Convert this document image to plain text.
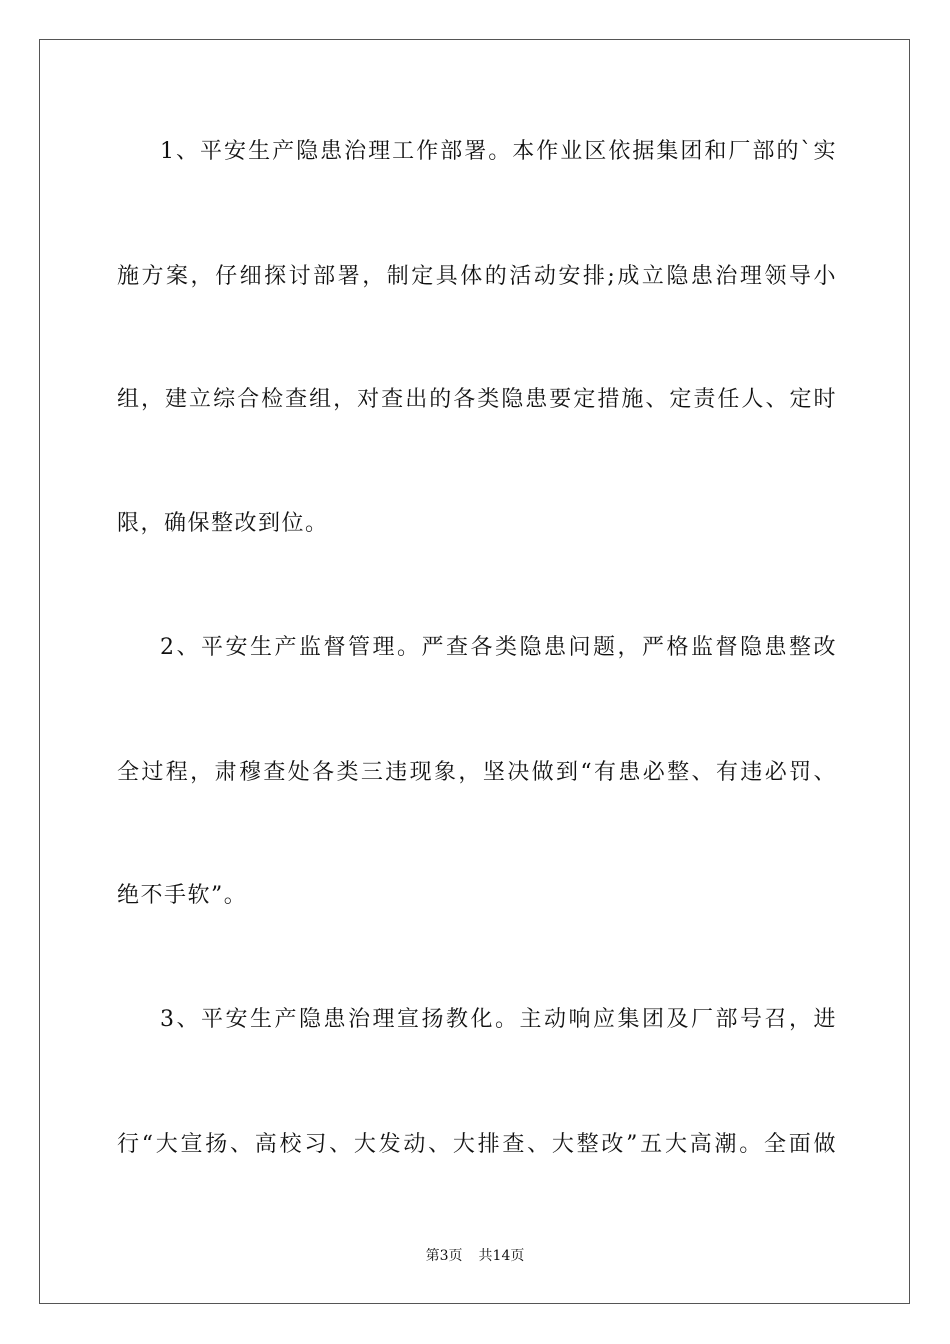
1、平安生产隐患治理工作部署。本作业区依据集团和厂部的`实
施方案，仔细探讨部署，制定具体的活动安排;成立隐患治理领导小
组，建立综合检查组，对查出的各类隐患要定措施、定责任人、定时
限，确保整改到位。
2、平安生产监督管理。严查各类隐患问题，严格监督隐患整改
全过程，肃穆查处各类三违现象，坚决做到“有患必整、有违必罚、
绝不手软”。
3、平安生产隐患治理宣扬教化。主动响应集团及厂部号召，进
行“大宣扬、高校习、大发动、大排查、大整改”五大高潮。全面做
第3页 共14页
